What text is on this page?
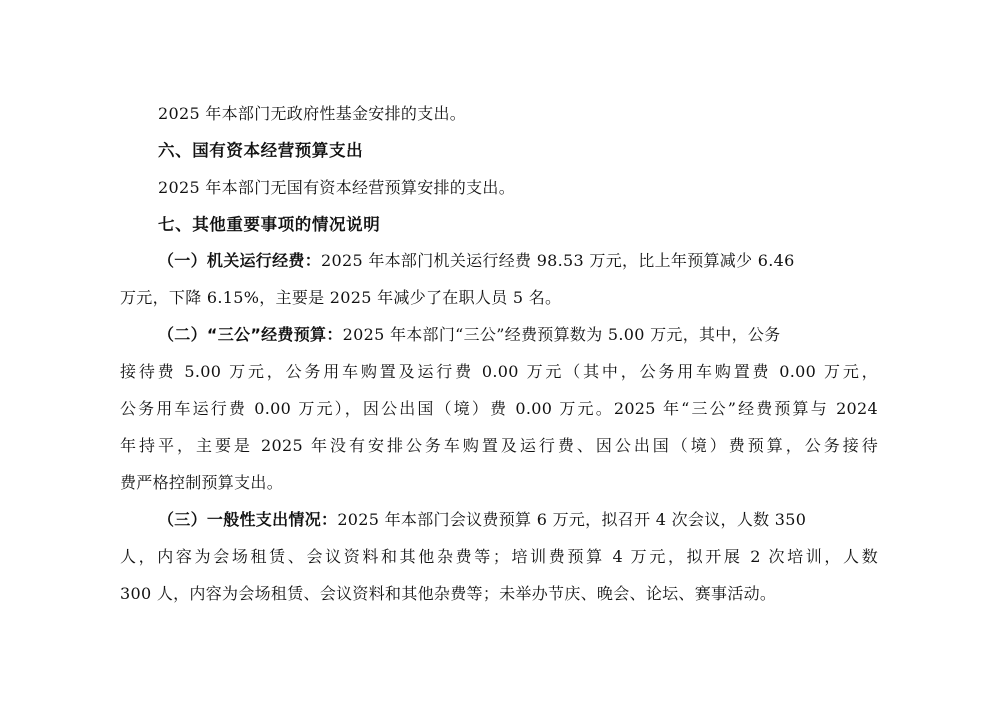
2025 年本部门无政府性基金安排的支出。
六、国有资本经营预算支出
2025 年本部门无国有资本经营预算安排的支出。
七、其他重要事项的情况说明
（一）机关运行经费：2025 年本部门机关运行经费 98.53 万元，比上年预算减少 6.46
万元，下降 6.15%，主要是 2025 年减少了在职人员 5 名。
（二）“三公”经费预算：2025 年本部门“三公”经费预算数为 5.00 万元，其中，公务
接待费 5.00 万元，公务用车购置及运行费 0.00 万元（其中，公务用车购置费 0.00 万元，
公务用车运行费 0.00 万元），因公出国（境）费 0.00 万元。2025 年“三公”经费预算与 2024
年持平，主要是 2025 年没有安排公务车购置及运行费、因公出国（境）费预算，公务接待
费严格控制预算支出。
（三）一般性支出情况：2025 年本部门会议费预算 6 万元，拟召开 4 次会议，人数 350
人，内容为会场租赁、会议资料和其他杂费等；培训费预算 4 万元，拟开展 2 次培训，人数
300 人，内容为会场租赁、会议资料和其他杂费等；未举办节庆、晚会、论坛、赛事活动。
